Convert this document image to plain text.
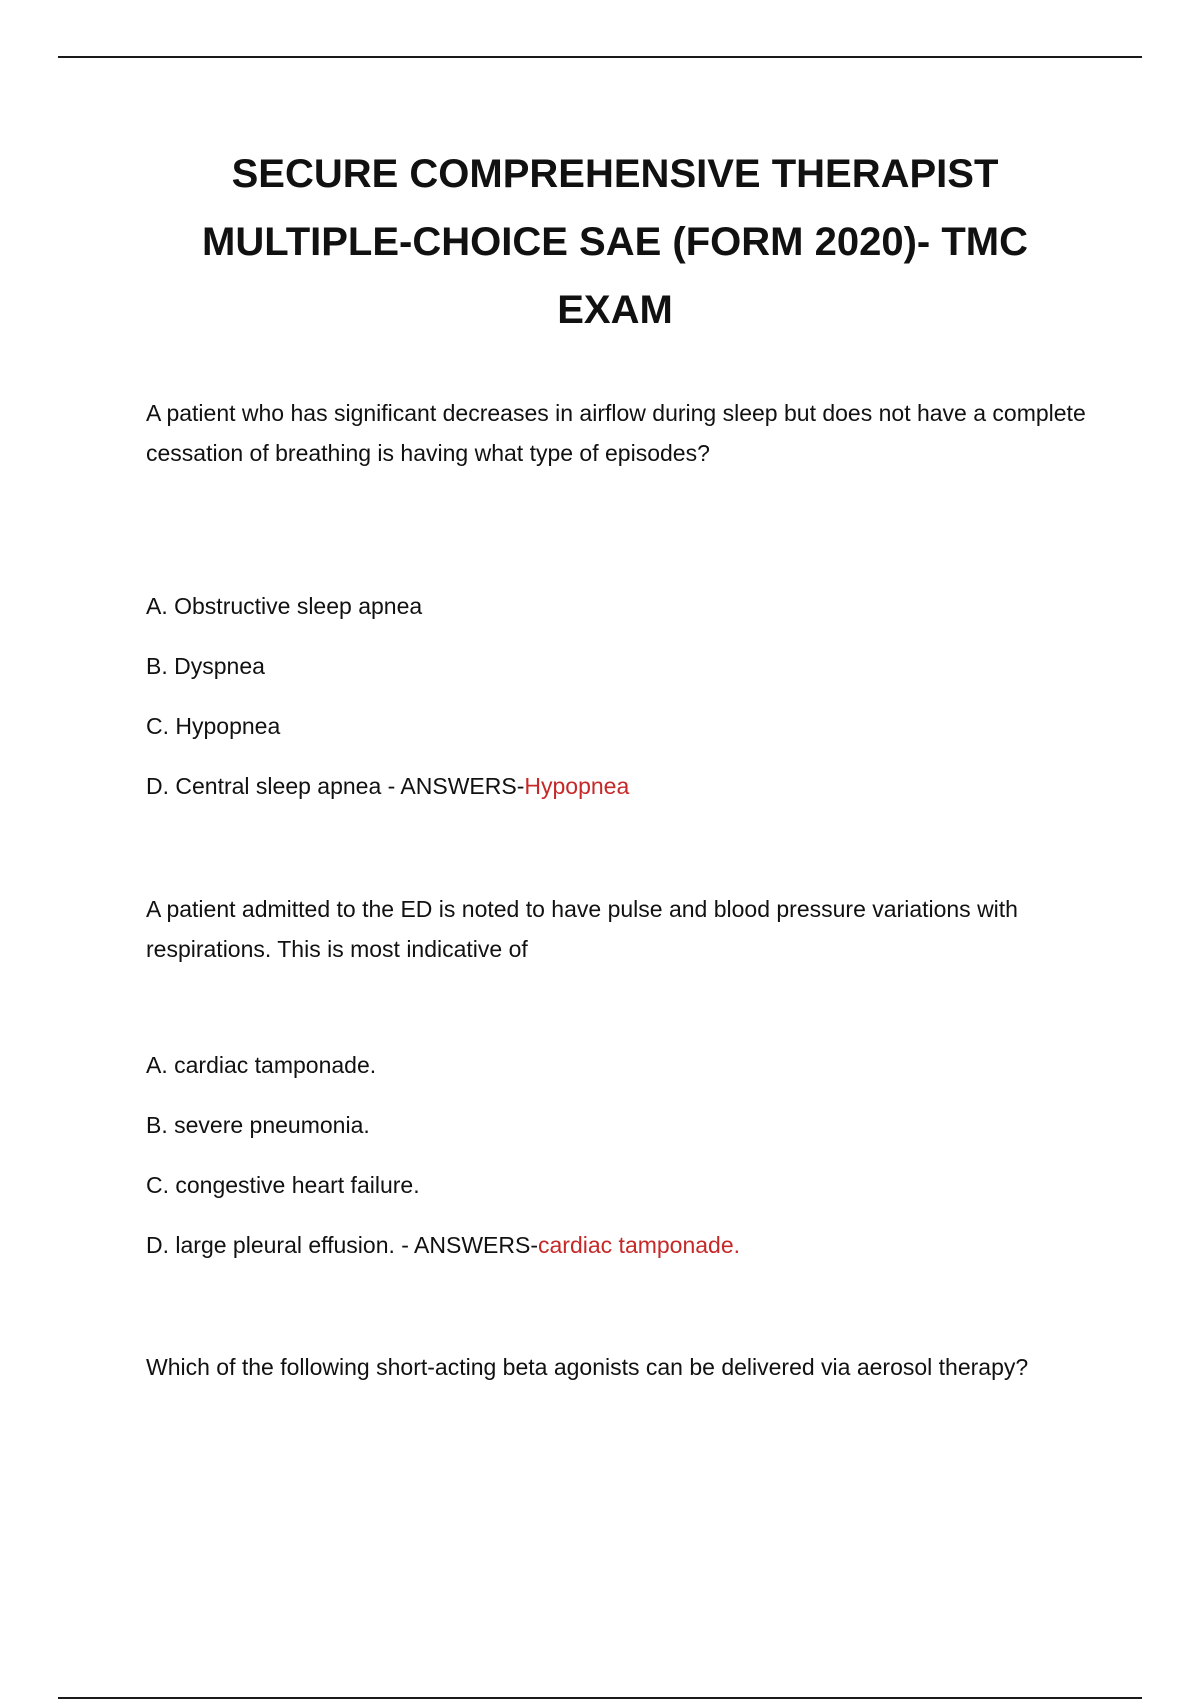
SECURE COMPREHENSIVE THERAPIST MULTIPLE-CHOICE SAE (FORM 2020)- TMC EXAM

A patient who has significant decreases in airflow during sleep but does not have a complete cessation of breathing is having what type of episodes?

A. Obstructive sleep apnea

B. Dyspnea

C. Hypopnea

D. Central sleep apnea - ANSWERS-Hypopnea

A patient admitted to the ED is noted to have pulse and blood pressure variations with respirations. This is most indicative of

A. cardiac tamponade.

B. severe pneumonia.

C. congestive heart failure.

D. large pleural effusion. - ANSWERS-cardiac tamponade.

Which of the following short-acting beta agonists can be delivered via aerosol therapy?
